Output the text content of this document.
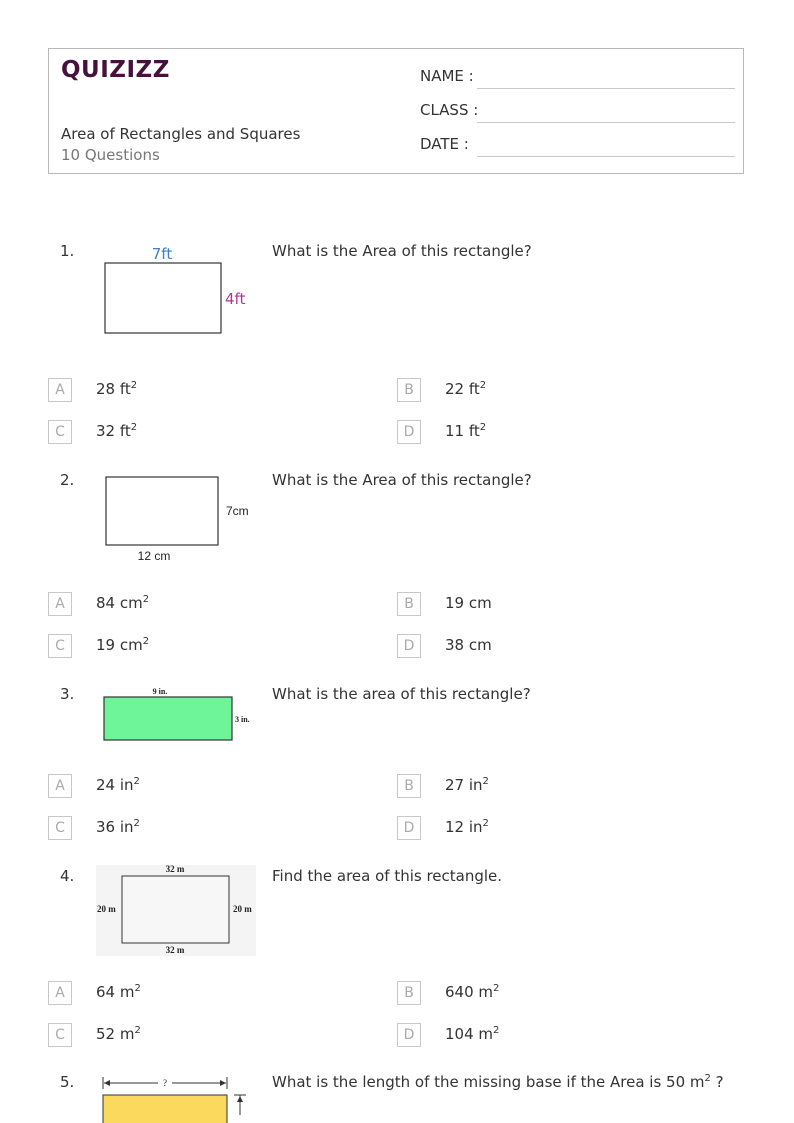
QUIZIZZ
Area of Rectangles and Squares
10 Questions
NAME :
CLASS :
DATE :
1.	What is the Area of this rectangle?
7ft
4ft
A	28 $ft^2$	B	22 $ft^2$
C	32 $ft^2$	D	11 $ft^2$
2.	What is the Area of this rectangle?
7cm
12 cm
A	84 $cm^2$	B	19 cm
C	19 $cm^2$	D	38 cm
3.	What is the area of this rectangle?
9 in.
3 in.
A	24 $in^2$	B	27 $in^2$
C	36 $in^2$	D	12 $in^2$
4.	Find the area of this rectangle.
32 m
32 m
20 m	20 m
A	64 $m^2$	B	640 $m^2$
C	52 $m^2$	D	104 $m^2$
5.	What is the length of the missing base if the Area is 50 $m^2$ ?
?
